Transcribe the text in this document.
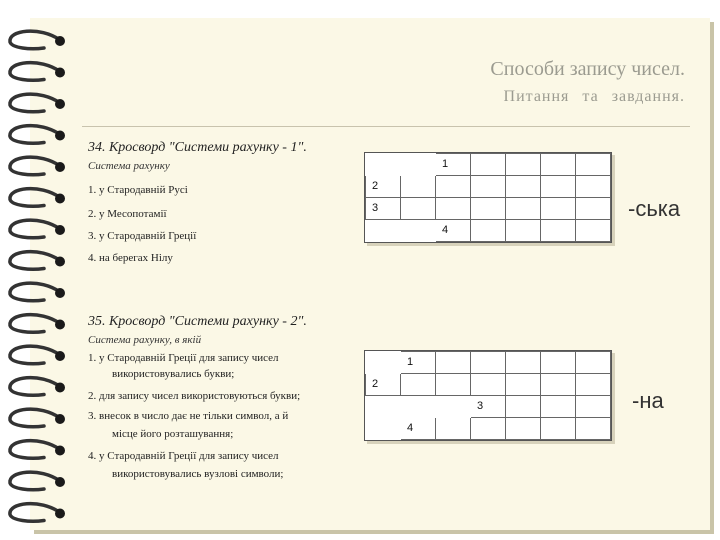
Способи запису чисел.
Питання та завдання.
34. Кросворд "Системи рахунку - 1".
Система рахунку
1. у Стародавній Русі
2. у Месопотамії
3. у Стародавній Греції
4. на берегах Нілу

		1				

2						

3						

		4				

-ська
35. Кросворд "Системи рахунку - 2".
Система рахунку, в якій
1. у Стародавній Греції для запису чисел
використовувались букви;
2. для запису чисел використовуються букви;
3. внесок в число дає не тільки символ, а й
місце його розташування;
4. у Стародавній Греції для запису чисел
використовувались вузлові символи;

	1					

2						

			3			

	4					

-на
